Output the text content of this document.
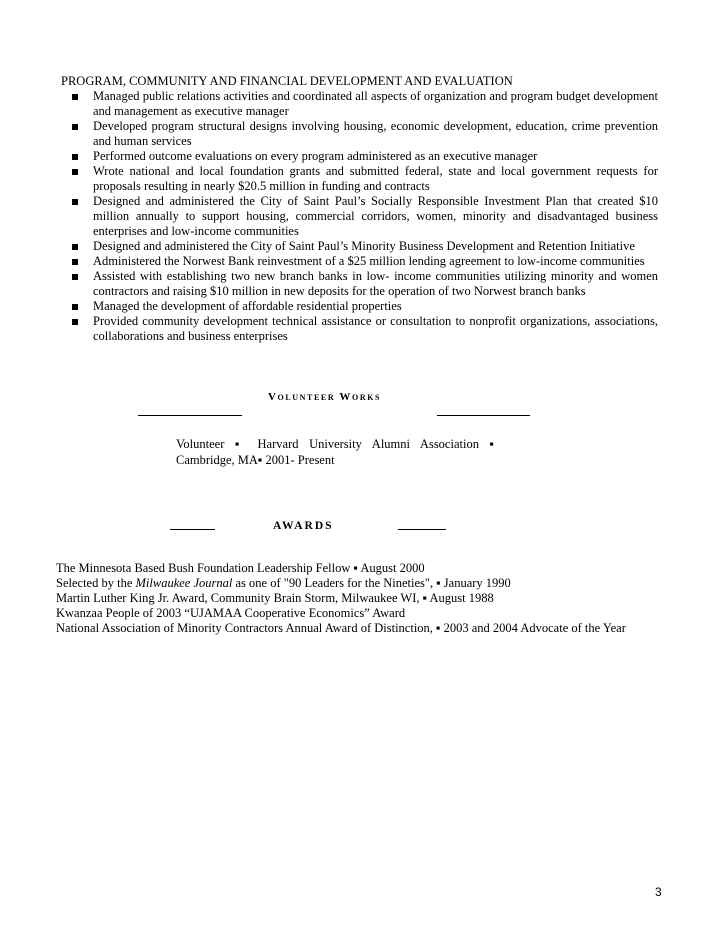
PROGRAM, COMMUNITY AND FINANCIAL DEVELOPMENT AND EVALUATION
Managed public relations activities and coordinated all aspects of organization and program budget development and management as executive manager
Developed program structural designs involving housing, economic development, education, crime prevention and human services
Performed outcome evaluations on every program administered as an executive manager
Wrote national and local foundation grants and submitted federal, state and local government requests for proposals resulting in nearly $20.5 million in funding and contracts
Designed and administered the City of Saint Paul’s Socially Responsible Investment Plan that created $10 million annually to support housing, commercial corridors, women, minority and disadvantaged business enterprises and low-income communities
Designed and administered the City of Saint Paul’s Minority Business Development and Retention Initiative
Administered the Norwest Bank reinvestment of a $25 million lending agreement to low-income communities
Assisted with establishing two new branch banks in low- income communities utilizing minority and women contractors and raising $10 million in new deposits for the operation of two Norwest branch banks
Managed the development of affordable residential properties
Provided community development technical assistance or consultation to nonprofit organizations, associations, collaborations and business enterprises
Volunteer Works
Volunteer ▪ Harvard University Alumni Association ▪
Cambridge, MA▪ 2001- Present
AWARDS
The Minnesota Based Bush Foundation Leadership Fellow ▪ August 2000
Selected by the Milwaukee Journal as one of "90 Leaders for the Nineties", ▪ January 1990
Martin Luther King Jr. Award, Community Brain Storm, Milwaukee WI, ▪ August 1988
Kwanzaa People of 2003 “UJAMAA Cooperative Economics” Award
National Association of Minority Contractors Annual Award of Distinction, ▪ 2003 and 2004 Advocate of the Year
3
